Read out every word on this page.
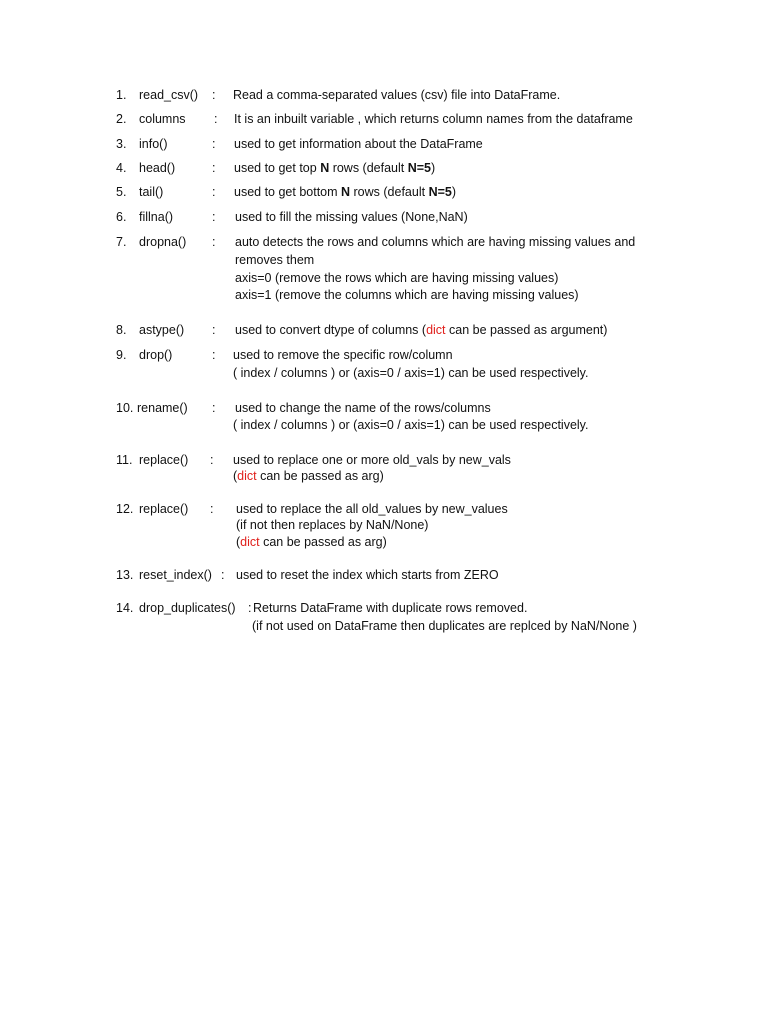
1. read_csv() : Read a comma-separated values (csv) file into DataFrame.
2. columns : It is an inbuilt variable , which returns column names from the dataframe
3. info()	: used to get information about the DataFrame
4. head()	: used to get top N rows (default N=5)
5. tail()	: used to get bottom N rows (default N=5)
6. fillna()	: used to fill the missing values (None,NaN)
7. dropna() : auto detects the rows and columns which are having missing values and
removes them
axis=0 (remove the rows which are having missing values)
axis=1 (remove the columns which are having missing values)
8. astype() : used to convert dtype of columns (dict can be passed as argument)
9. drop()	: used to remove the specific row/column
( index / columns ) or (axis=0 / axis=1) can be used respectively.
10. rename() : used to change the name of the rows/columns
( index / columns ) or (axis=0 / axis=1) can be used respectively.
11. replace() : used to replace one or more old_vals by new_vals
(dict can be passed as arg)
12. replace() : used to replace the all old_values by new_values
(if not then replaces by NaN/None)
(dict can be passed as arg)
13. reset_index() : used to reset the index which starts from ZERO
14. drop_duplicates() : Returns DataFrame with duplicate rows removed.
(if not used on DataFrame then duplicates are replced by NaN/None )
